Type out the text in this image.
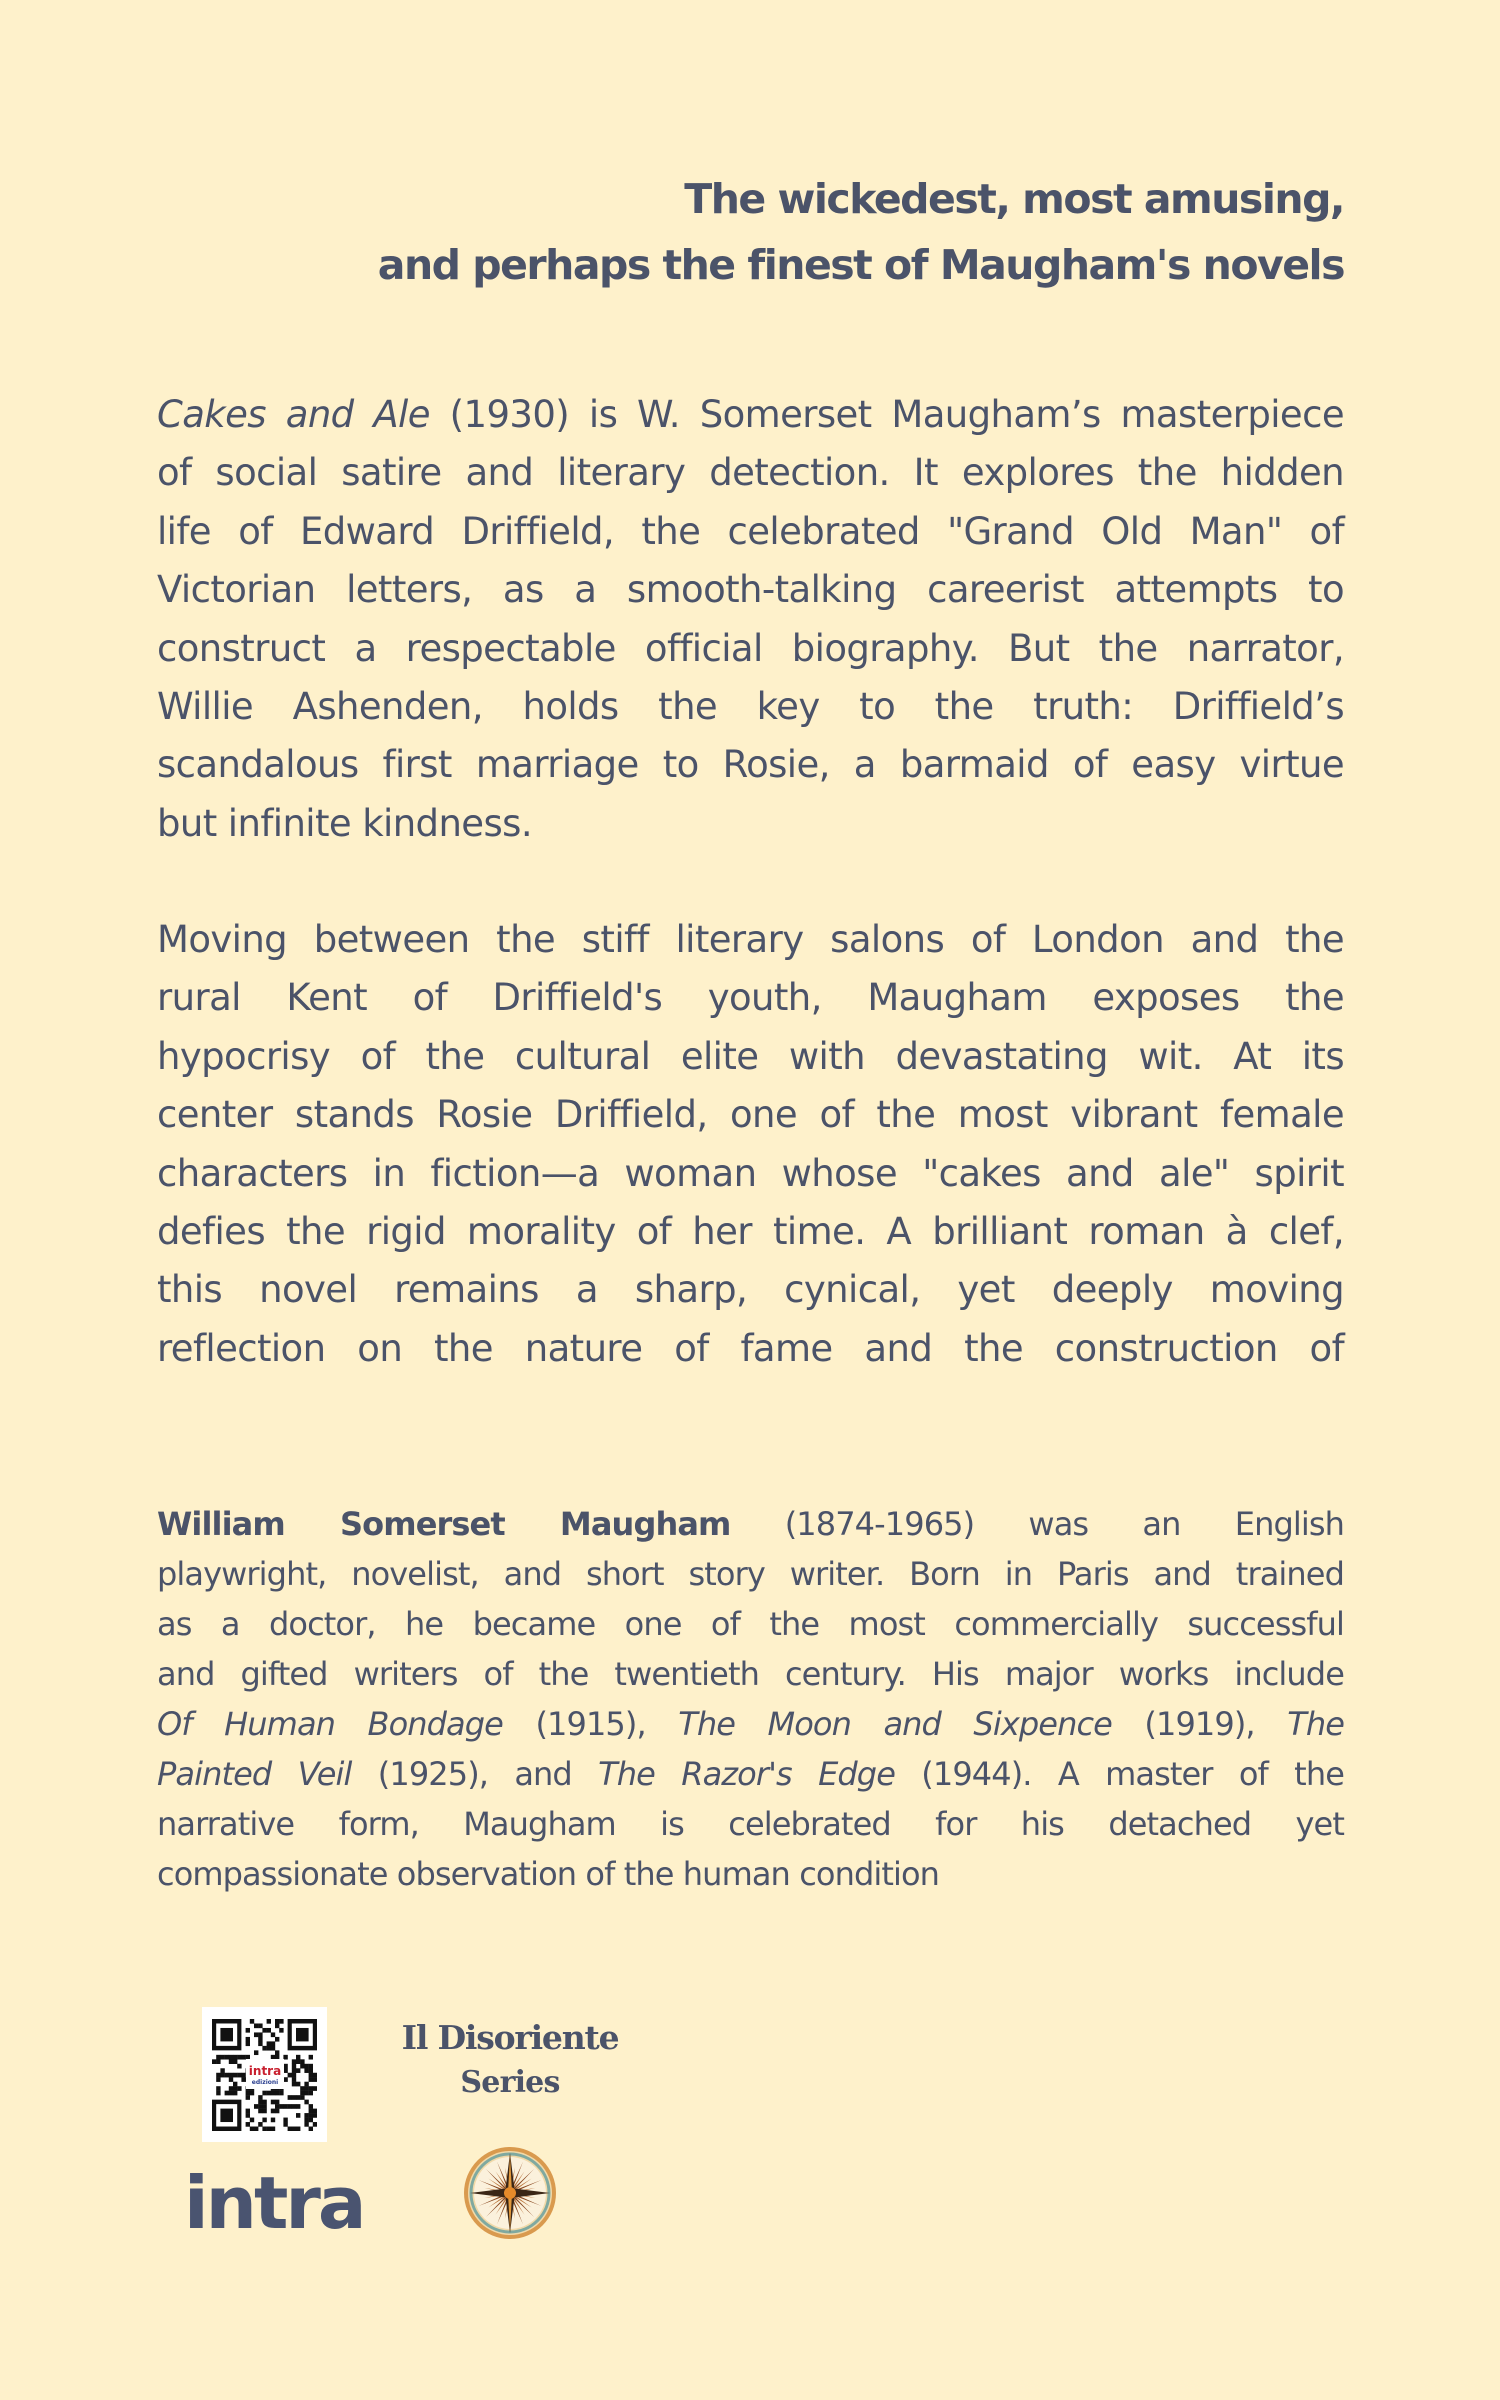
The wickedest, most amusing,
and perhaps the finest of Maugham's novels
Cakes and Ale (1930) is W. Somerset Maugham’s masterpiece
of social satire and literary detection. It explores the hidden
life of Edward Driffield, the celebrated "Grand Old Man" of
Victorian letters, as a smooth-talking careerist attempts to
construct a respectable official biography. But the narrator,
Willie Ashenden, holds the key to the truth: Driffield’s
scandalous first marriage to Rosie, a barmaid of easy virtue
but infinite kindness.
Moving between the stiff literary salons of London and the
rural Kent of Driffield's youth, Maugham exposes the
hypocrisy of the cultural elite with devastating wit. At its
center stands Rosie Driffield, one of the most vibrant female
characters in fiction—a woman whose "cakes and ale" spirit
defies the rigid morality of her time. A brilliant roman à clef,
this novel remains a sharp, cynical, yet deeply moving
reflection on the nature of fame and the construction of
William Somerset Maugham (1874-1965) was an English
playwright, novelist, and short story writer. Born in Paris and trained
as a doctor, he became one of the most commercially successful
and gifted writers of the twentieth century. His major works include
Of Human Bondage (1915), The Moon and Sixpence (1919), The
Painted Veil (1925), and The Razor's Edge (1944). A master of the
narrative form, Maugham is celebrated for his detached yet
compassionate observation of the human condition
intra
edizioni
intra
Il Disoriente
Series
